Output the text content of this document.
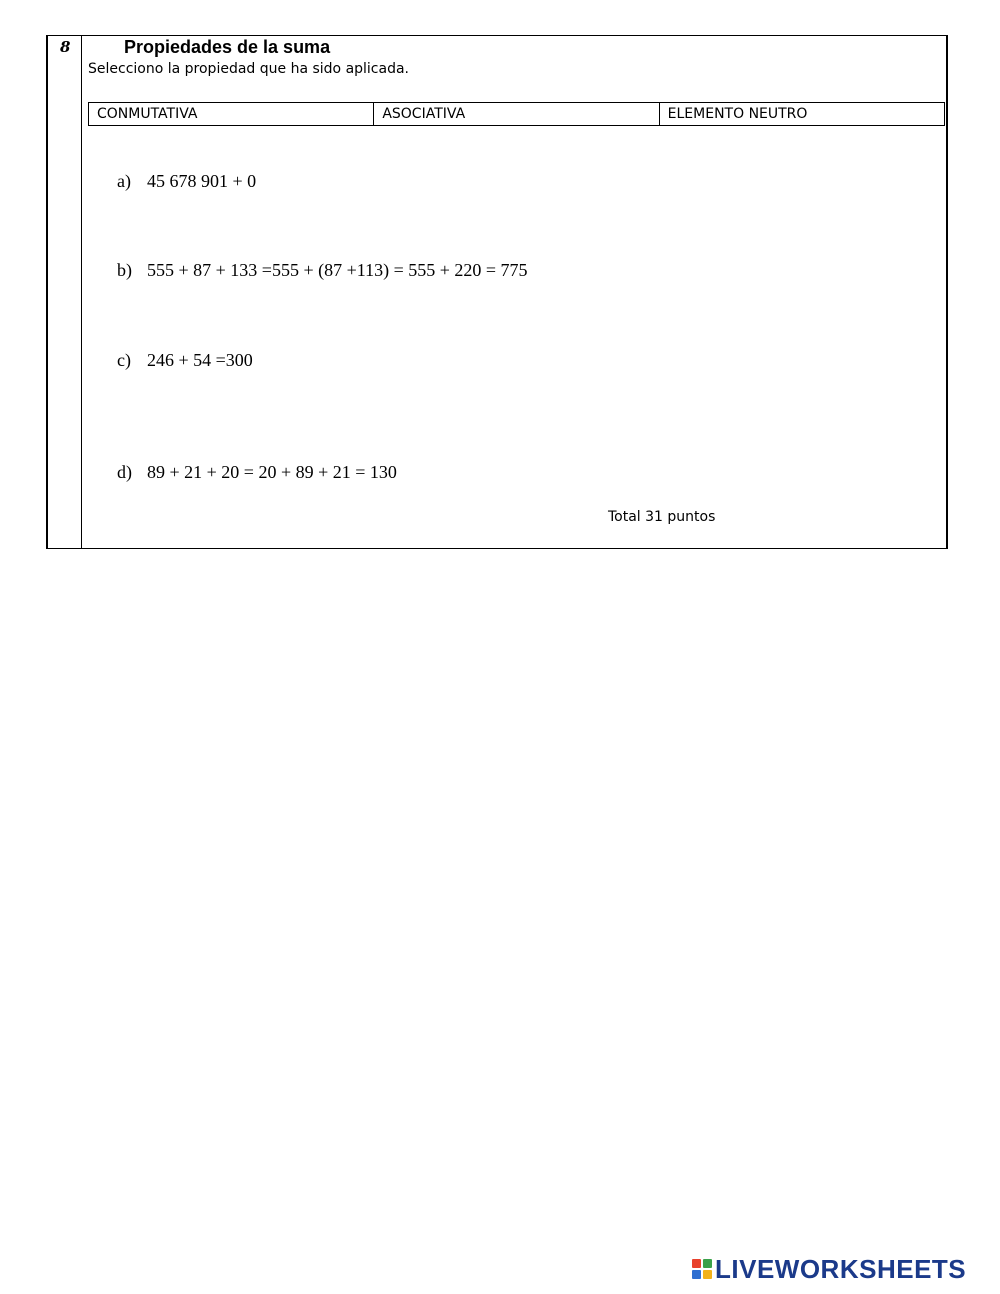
8	Propiedades de la suma
Selecciono la propiedad que ha sido aplicada.
CONMUTATIVA	ASOCIATIVA	ELEMENTO NEUTRO
a) 45 678 901 + 0
b) 555 + 87 + 133 =555 + (87 +113) = 555 + 220 = 775
c) 246 + 54 =300
d) 89 + 21 + 20 = 20 + 89 + 21 = 130
Total 31 puntos
LIVEWORKSHEETS
